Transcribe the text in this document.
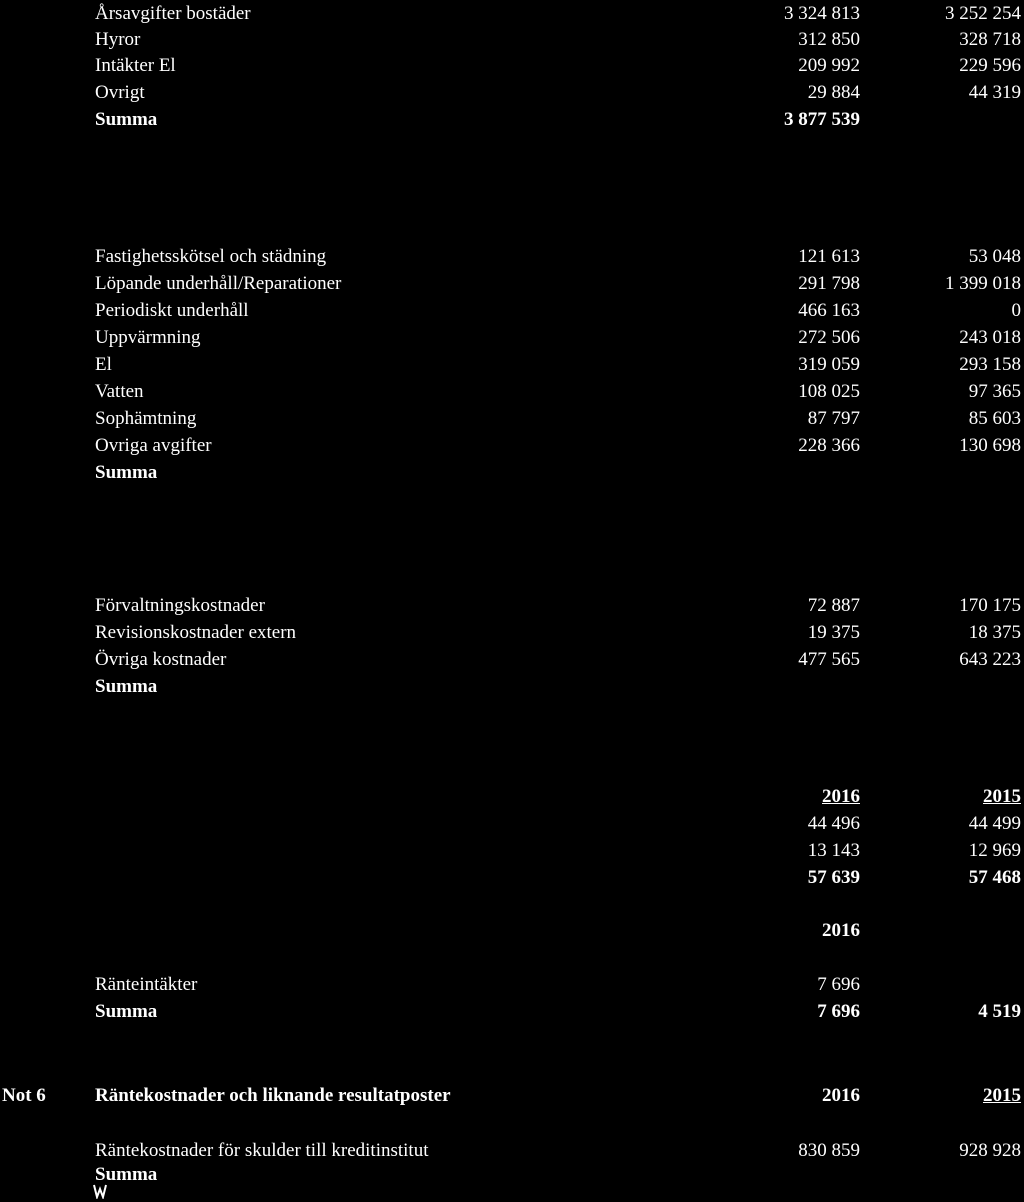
Årsavgifter bostäder	3 324 813	3 252 254
Hyror	312 850	328 718
Intäkter El	209 992	229 596
Ovrigt	29 884	44 319
Summa	3 877 539
Fastighetsskötsel och städning	121 613	53 048
Löpande underhåll/Reparationer	291 798	1 399 018
Periodiskt underhåll	466 163	0
Uppvärmning	272 506	243 018
El	319 059	293 158
Vatten	108 025	97 365
Sophämtning	87 797	85 603
Ovriga avgifter	228 366	130 698
Summa
Förvaltningskostnader	72 887	170 175
Revisionskostnader extern	19 375	18 375
Övriga kostnader	477 565	643 223
Summa
2016	2015
44 496	44 499
13 143	12 969
57 639	57 468
2016
Ränteintäkter	7 696
Summa	7 696	4 519
Not 6	Räntekostnader och liknande resultatposter	2016	2015
Räntekostnader för skulder till kreditinstitut	830 859	928 928
Summa
